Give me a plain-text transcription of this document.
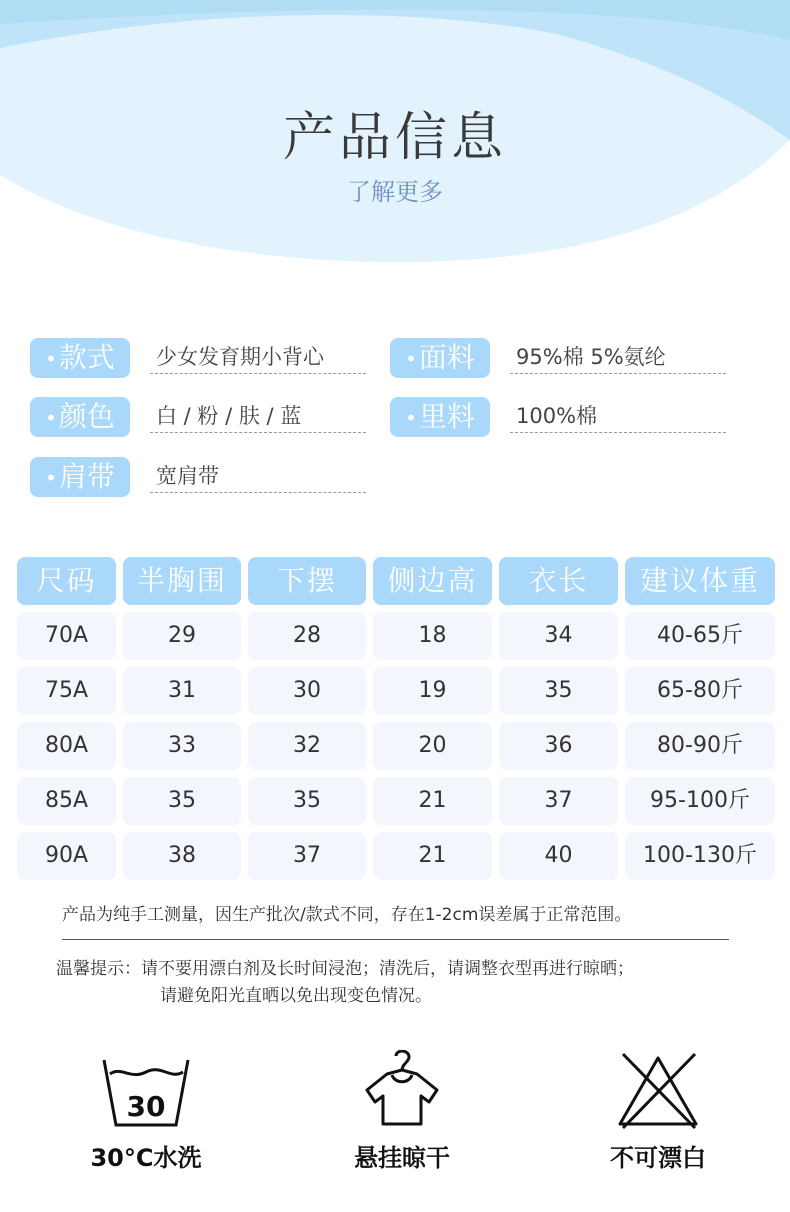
产品信息
了解更多
•款式	少女发育期小背心	•面料	95%棉 5%氨纶
•颜色	白 / 粉 / 肤 / 蓝	•里料	100%棉
•肩带	宽肩带
尺码	半胸围	下摆	侧边高	衣长	建议体重
70A	29	28	18	34	40-65斤
75A	31	30	19	35	65-80斤
80A	33	32	20	36	80-90斤
85A	35	35	21	37	95-100斤
90A	38	37	21	40	100-130斤
产品为纯手工测量，因生产批次/款式不同，存在1-2cm误差属于正常范围。
温馨提示：请不要用漂白剂及长时间浸泡；清洗后，请调整衣型再进行晾晒；
请避免阳光直晒以免出现变色情况。
30
30°C水洗	悬挂晾干	不可漂白
